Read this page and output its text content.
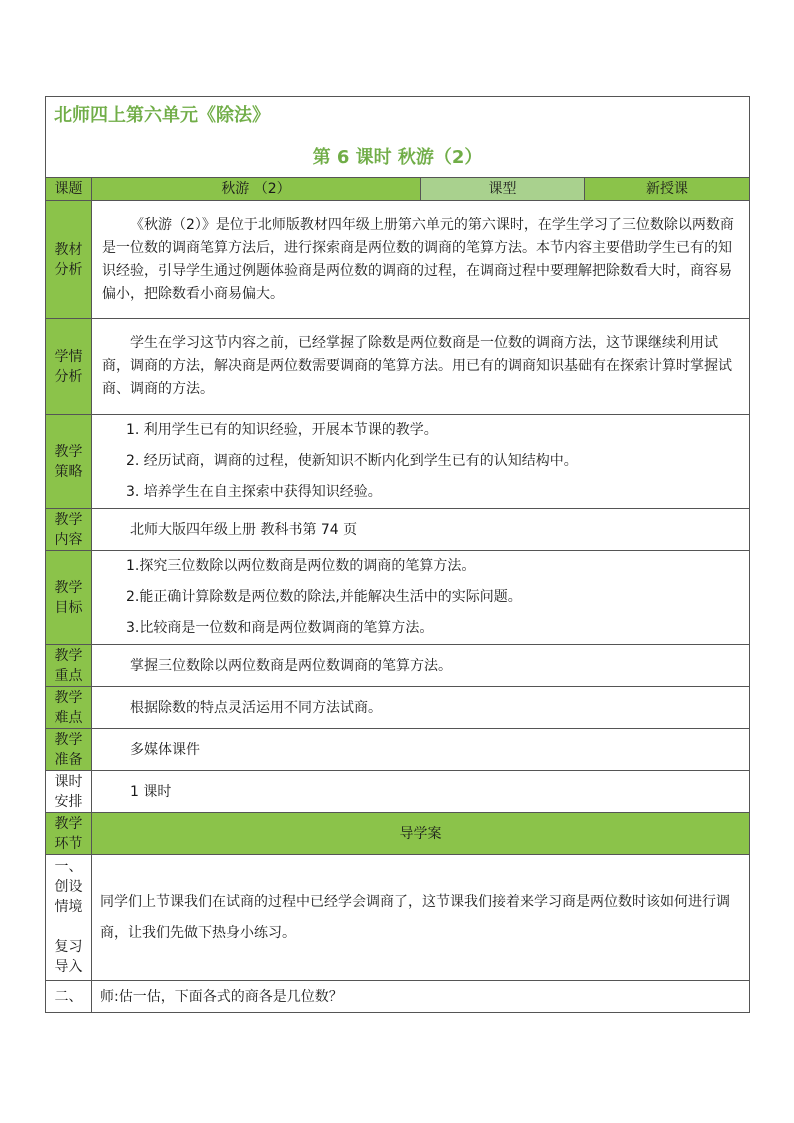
北师四上第六单元《除法》
第 6 课时 秋游（2）			

课题	秋游 （2）	课型	新授课

教材分析	《秋游（2）》是位于北师版教材四年级上册第六单元的第六课时，在学生学习了三位数除以两数商是一位数的调商笔算方法后，进行探索商是两位数的调商的笔算方法。本节内容主要借助学生已有的知识经验，引导学生通过例题体验商是两位数的调商的过程，在调商过程中要理解把除数看大时，商容易偏小，把除数看小商易偏大。		

学情分析	学生在学习这节内容之前，已经掌握了除数是两位数商是一位数的调商方法，这节课继续利用试商，调商的方法，解决商是两位数需要调商的笔算方法。用已有的调商知识基础有在探索计算时掌握试商、调商的方法。		

教学策略	1. 利用学生已有的知识经验，开展本节课的教学。
2. 经历试商，调商的过程，使新知识不断内化到学生已有的认知结构中。
3. 培养学生在自主探索中获得知识经验。		

教学内容	北师大版四年级上册 教科书第 74 页		

教学目标	1.探究三位数除以两位数商是两位数的调商的笔算方法。
2.能正确计算除数是两位数的除法,并能解决生活中的实际问题。
3.比较商是一位数和商是两位数调商的笔算方法。		

教学重点	掌握三位数除以两位数商是两位数调商的笔算方法。		

教学难点	根据除数的特点灵活运用不同方法试商。		

教学准备	多媒体课件		

课时安排	1 课时		

教学环节	导学案		

一、
创设
情境
复习
导入	同学们上节课我们在试商的过程中已经学会调商了，这节课我们接着来学习商是两位数时该如何进行调商，让我们先做下热身小练习。		
二、	师:估一估，下面各式的商各是几位数？		
